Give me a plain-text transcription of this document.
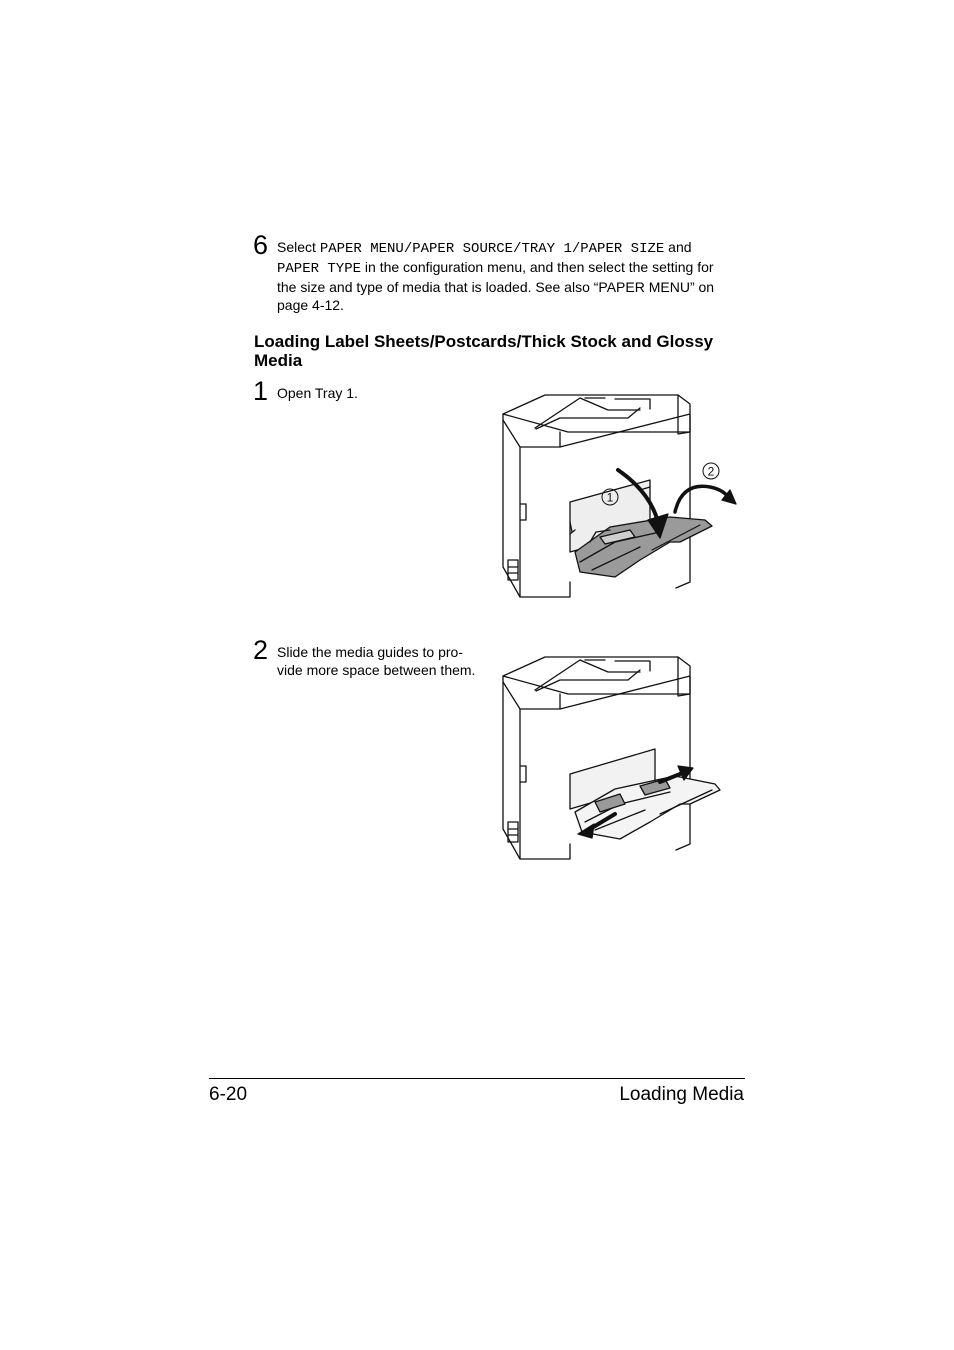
6 Select PAPER MENU/PAPER SOURCE/TRAY 1/PAPER SIZE and
PAPER TYPE in the configuration menu, and then select the setting for
the size and type of media that is loaded. See also “PAPER MENU” on
page 4-12.
Loading Label Sheets/Postcards/Thick Stock and Glossy
Media
1 Open Tray 1.
1
2
2 Slide the media guides to pro-
vide more space between them.
6-20	Loading Media
